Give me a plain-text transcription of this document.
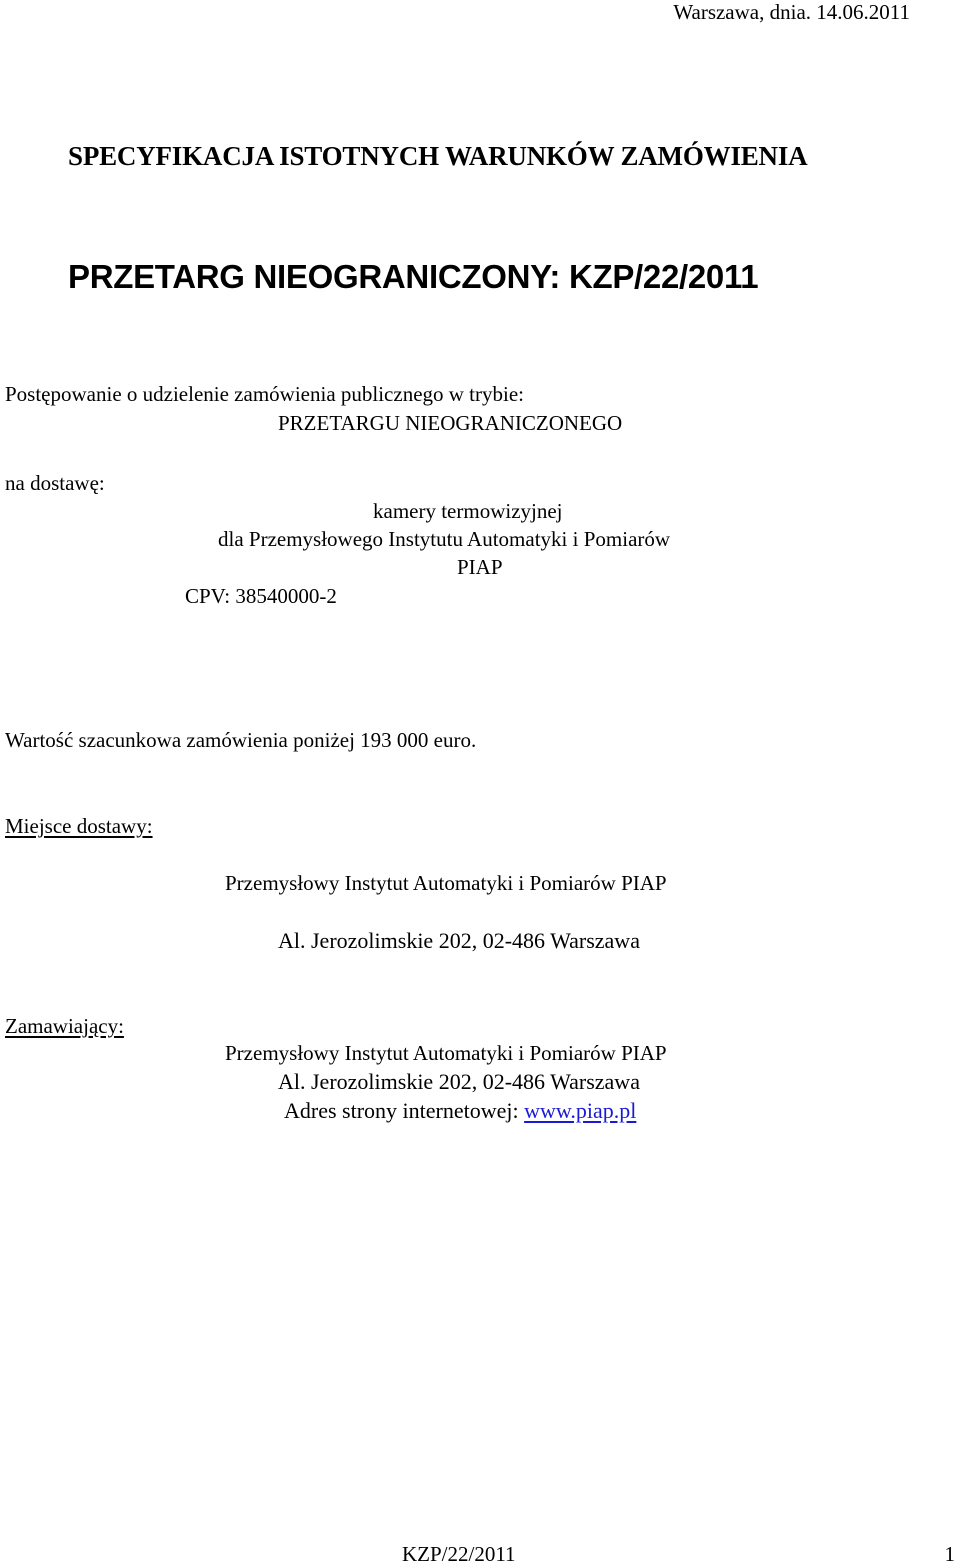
Warszawa, dnia. 14.06.2011
SPECYFIKACJA ISTOTNYCH WARUNKÓW ZAMÓWIENIA
PRZETARG NIEOGRANICZONY: KZP/22/2011
Postępowanie o udzielenie zamówienia publicznego w trybie:
PRZETARGU NIEOGRANICZONEGO
na dostawę:
kamery termowizyjnej
dla Przemysłowego Instytutu Automatyki i Pomiarów
PIAP
CPV: 38540000-2
Wartość szacunkowa zamówienia poniżej 193 000 euro.
Miejsce dostawy:
Przemysłowy Instytut Automatyki i Pomiarów PIAP
Al. Jerozolimskie 202, 02-486 Warszawa
Zamawiający:
Przemysłowy Instytut Automatyki i Pomiarów PIAP
Al. Jerozolimskie 202, 02-486 Warszawa
Adres strony internetowej: www.piap.pl
KZP/22/2011	1
